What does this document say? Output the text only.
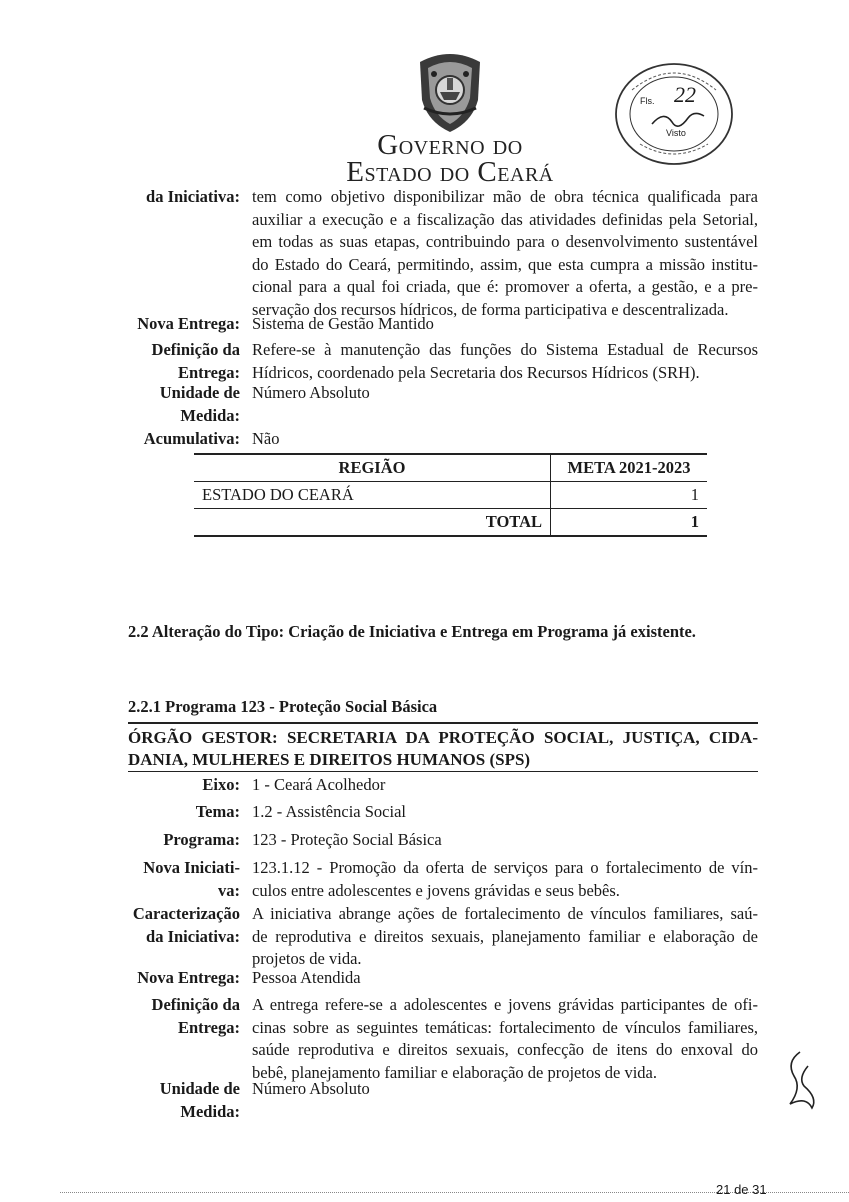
Governo do
Estado do Ceará
Fls. 22
Visto
da Iniciativa: tem como objetivo disponibilizar mão de obra técnica qualificada para
auxiliar a execução e a fiscalização das atividades definidas pela Setorial,
em todas as suas etapas, contribuindo para o desenvolvimento sustentável
do Estado do Ceará, permitindo, assim, que esta cumpra a missão institu-
cional para a qual foi criada, que é: promover a oferta, a gestão, e a pre-
servação dos recursos hídricos, de forma participativa e descentralizada.
Nova Entrega: Sistema de Gestão Mantido
Definição da
Entrega:
Refere-se à manutenção das funções do Sistema Estadual de Recursos
Hídricos, coordenado pela Secretaria dos Recursos Hídricos (SRH).
Unidade de
Medida:
Número Absoluto
Acumulativa: Não
REGIÃO	META 2021-2023
ESTADO DO CEARÁ	1
TOTAL	1
2.2 Alteração do Tipo: Criação de Iniciativa e Entrega em Programa já existente.
2.2.1 Programa 123 - Proteção Social Básica
ÓRGÃO GESTOR: SECRETARIA DA PROTEÇÃO SOCIAL, JUSTIÇA, CIDA-
DANIA, MULHERES E DIREITOS HUMANOS (SPS)
Eixo: 1 - Ceará Acolhedor
Tema: 1.2 - Assistência Social
Programa: 123 - Proteção Social Básica
Nova Iniciati-
va:
123.1.12 - Promoção da oferta de serviços para o fortalecimento de vín-
culos entre adolescentes e jovens grávidas e seus bebês.
Caracterização
da Iniciativa:
A iniciativa abrange ações de fortalecimento de vínculos familiares, saú-
de reprodutiva e direitos sexuais, planejamento familiar e elaboração de
projetos de vida.
Nova Entrega: Pessoa Atendida
Definição da
Entrega:
A entrega refere-se a adolescentes e jovens grávidas participantes de ofi-
cinas sobre as seguintes temáticas: fortalecimento de vínculos familiares,
saúde reprodutiva e direitos sexuais, confecção de itens do enxoval do
bebê, planejamento familiar e elaboração de projetos de vida.
Unidade de
Medida:
Número Absoluto
21 de 31
